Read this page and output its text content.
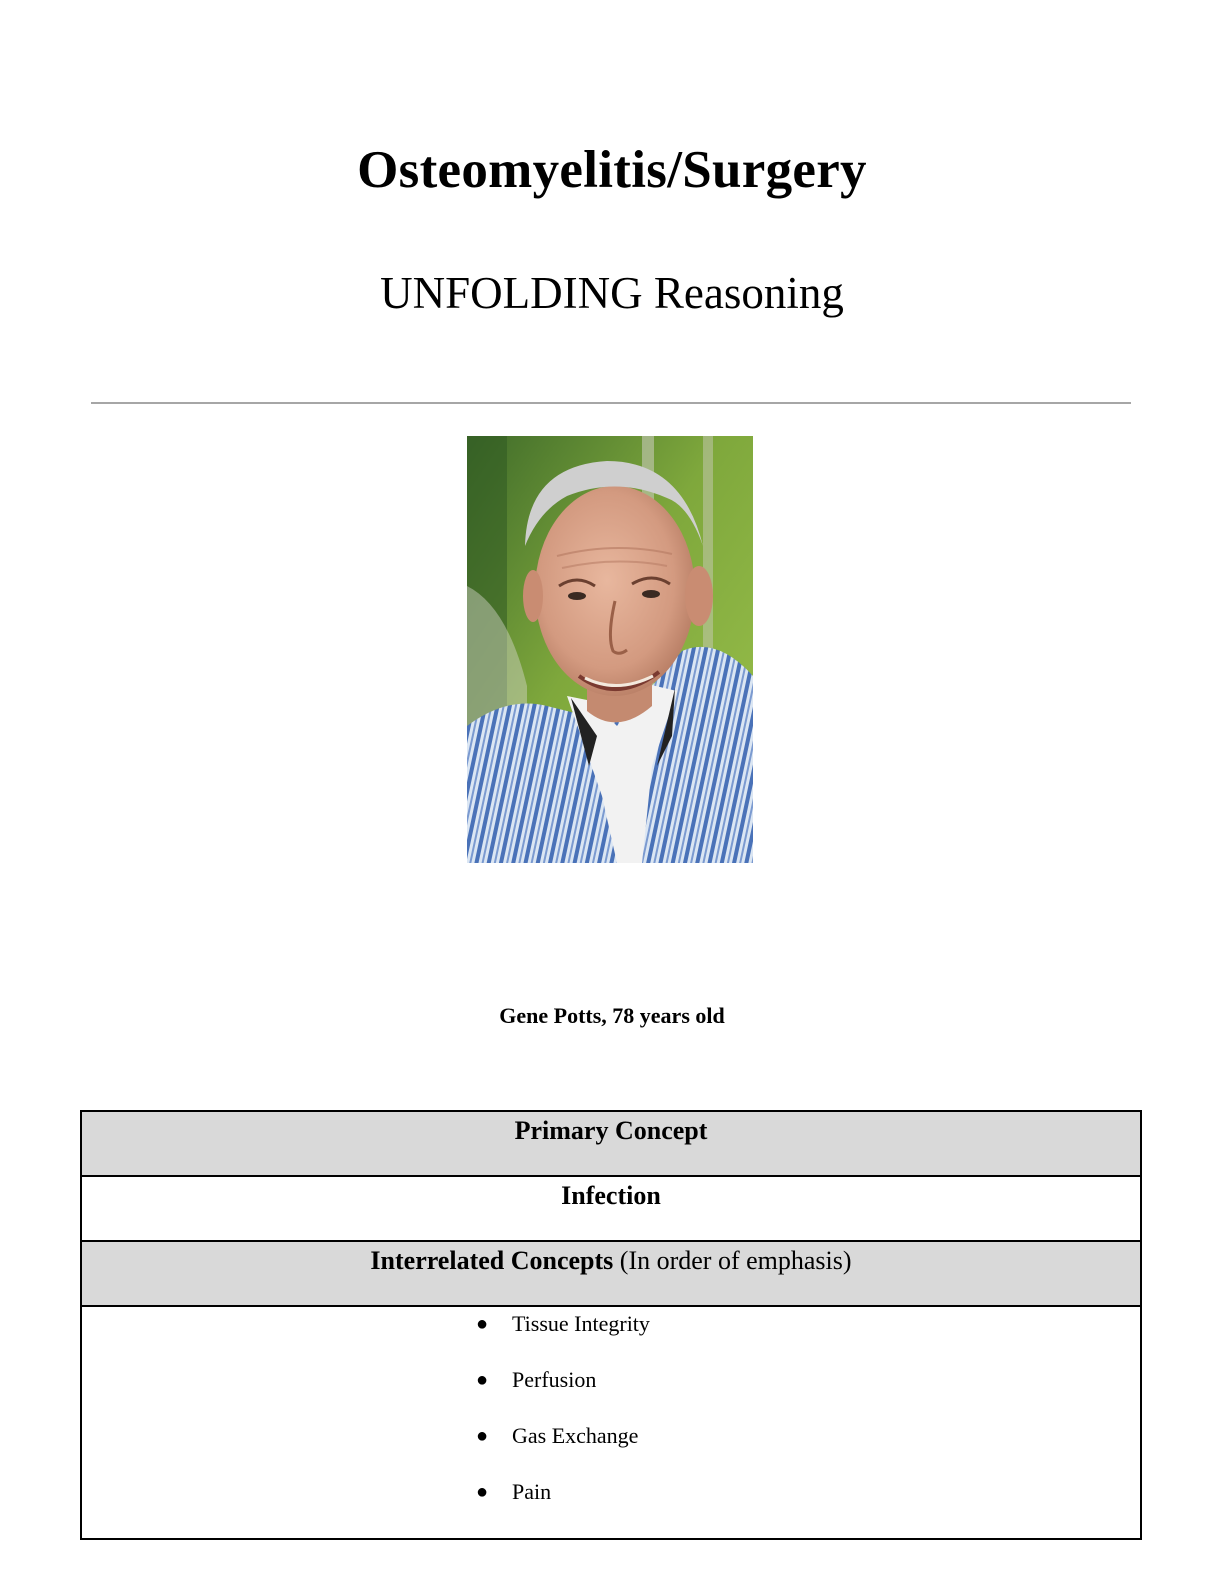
Osteomyelitis/Surgery
UNFOLDING Reasoning
Gene Potts, 78 years old
Primary Concept
Infection
Interrelated Concepts (In order of emphasis)
●	Tissue Integrity
●	Perfusion
●	Gas Exchange
●	Pain
